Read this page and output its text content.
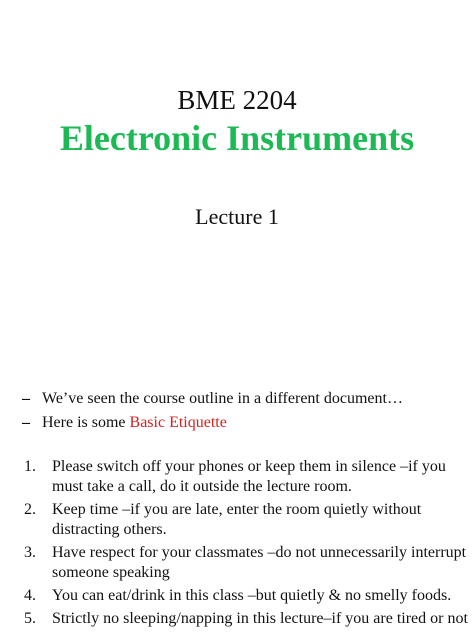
BME 2204
Electronic Instruments
Lecture 1
– We’ve seen the course outline in a different document…
– Here is some Basic Etiquette
1.	Please switch off your phones or keep them in silence –if you must take a call, do it outside the lecture room.
2.	Keep time –if you are late, enter the room quietly without distracting others.
3.	Have respect for your classmates –do not unnecessarily interrupt someone speaking
4.	You can eat/drink in this class –but quietly & no smelly foods.
5.	Strictly no sleeping/napping in this lecture–if you are tired or not
